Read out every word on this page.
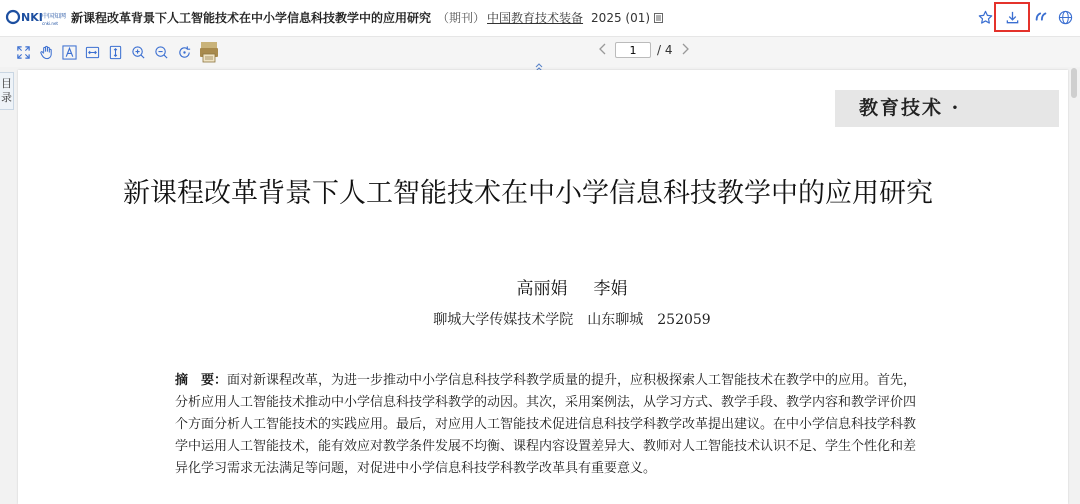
NKI 中国知网
cnki.net 新课程改革背景下人工智能技术在中小学信息科技教学中的应用研究 （期刊） 中国教育技术装备 2025 (01)
1
/ 4
目录	教育技术 ·
新课程改革背景下人工智能技术在中小学信息科技教学中的应用研究
高丽娟 李娟
聊城大学传媒技术学院　山东聊城　252059

摘　要：面对新课程改革，为进一步推动中小学信息科技学科教学质量的提升，应积极探索人工智能技术在教学中的应用。首先，分析应用人工智能技术推动中小学信息科技学科教学的动因。其次，采用案例法，从学习方式、教学手段、教学内容和教学评价四个方面分析人工智能技术的实践应用。最后，对应用人工智能技术促进信息科技学科教学改革提出建议。在中小学信息科技学科教学中运用人工智能技术，能有效应对教学条件发展不均衡、课程内容设置差异大、教师对人工智能技术认识不足、学生个性化和差异化学习需求无法满足等问题，对促进中小学信息科技学科教学改革具有重要意义。
